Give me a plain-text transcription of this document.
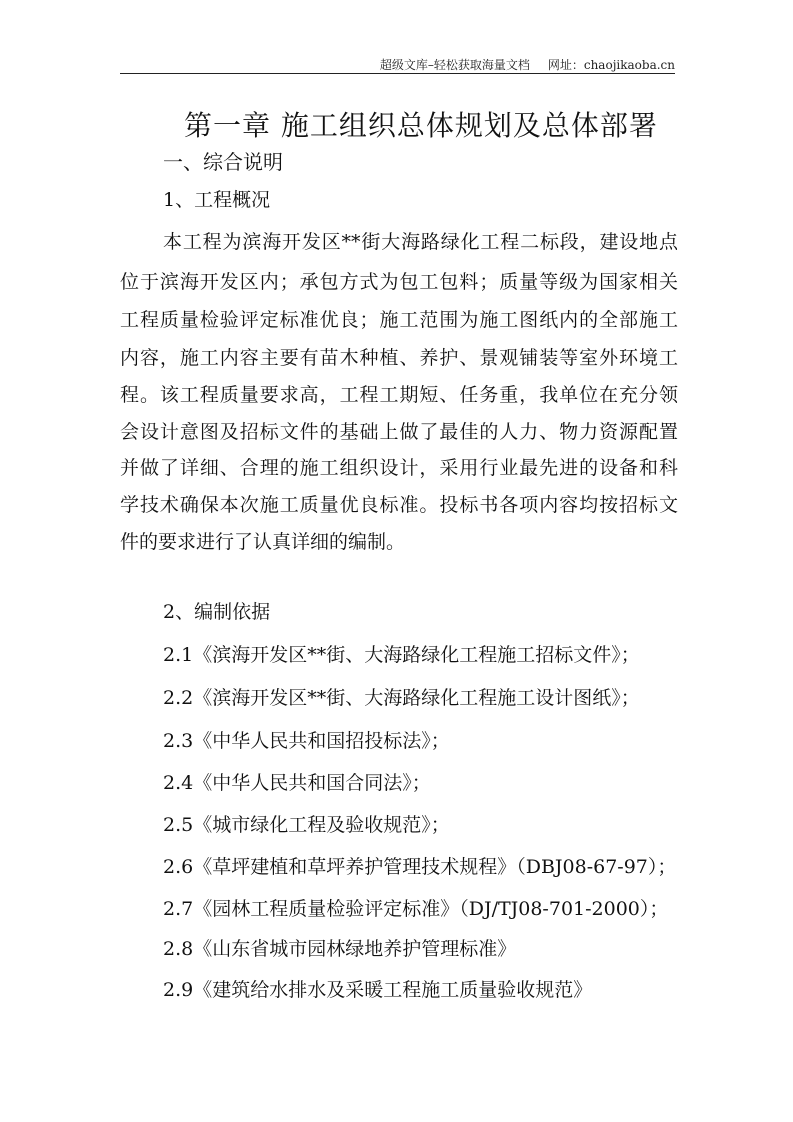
超级文库–轻松获取海量文档 网址：chaojikaoba.cn
第一章 施工组织总体规划及总体部署
一、综合说明
1、工程概况
本工程为滨海开发区**街大海路绿化工程二标段，建设地点
位于滨海开发区内；承包方式为包工包料；质量等级为国家相关
工程质量检验评定标准优良；施工范围为施工图纸内的全部施工
内容，施工内容主要有苗木种植、养护、景观铺装等室外环境工
程。该工程质量要求高，工程工期短、任务重，我单位在充分领
会设计意图及招标文件的基础上做了最佳的人力、物力资源配置
并做了详细、合理的施工组织设计，采用行业最先进的设备和科
学技术确保本次施工质量优良标准。投标书各项内容均按招标文
件的要求进行了认真详细的编制。
2、编制依据
2.1《滨海开发区**街、大海路绿化工程施工招标文件》；
2.2《滨海开发区**街、大海路绿化工程施工设计图纸》；
2.3《中华人民共和国招投标法》；
2.4《中华人民共和国合同法》；
2.5《城市绿化工程及验收规范》；
2.6《草坪建植和草坪养护管理技术规程》（DBJ08-67-97）；
2.7《园林工程质量检验评定标准》（DJ/TJ08-701-2000）；
2.8《山东省城市园林绿地养护管理标准》
2.9《建筑给水排水及采暖工程施工质量验收规范》
